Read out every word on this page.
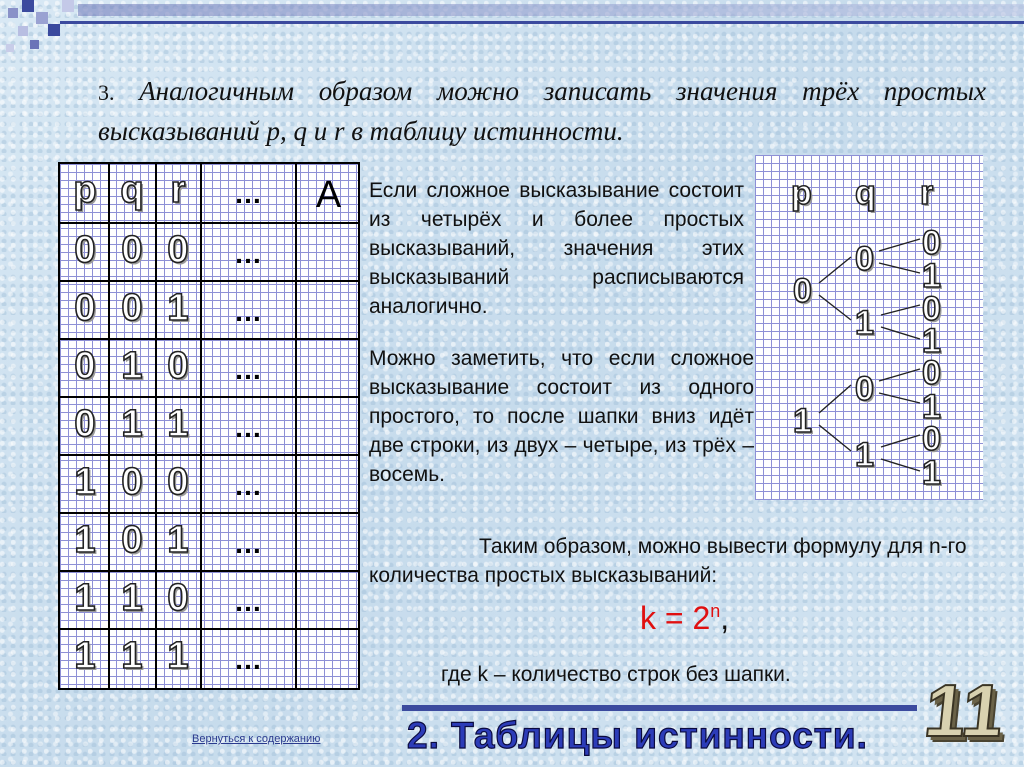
3. Аналогичным образом можно записать значения трёх простых высказываний p, q и r в таблицу истинности.
p q r	…	A
0 0 0	…
0 0 1	…
0 1 0	…
0 1 1	…
1 0 0	…
1 0 1	…
1 1 0	…
1 1 1	…
Если сложное высказывание состоит из четырёх и более простых высказываний, значения этих высказываний расписываются аналогично.
Можно заметить, что если сложное высказывание состоит из одного простого, то после шапки вниз идёт две строки, из двух – четыре, из трёх – восемь.
Таким образом, можно вывести формулу для n-го количества простых высказываний:
p q r
0
1
0
1
0
1
0
1
0
1
0
1
0
1
$k = 2^n$,
где k – количество строк без шапки.
Вернуться к содержанию 2. Таблицы истинности. 11
